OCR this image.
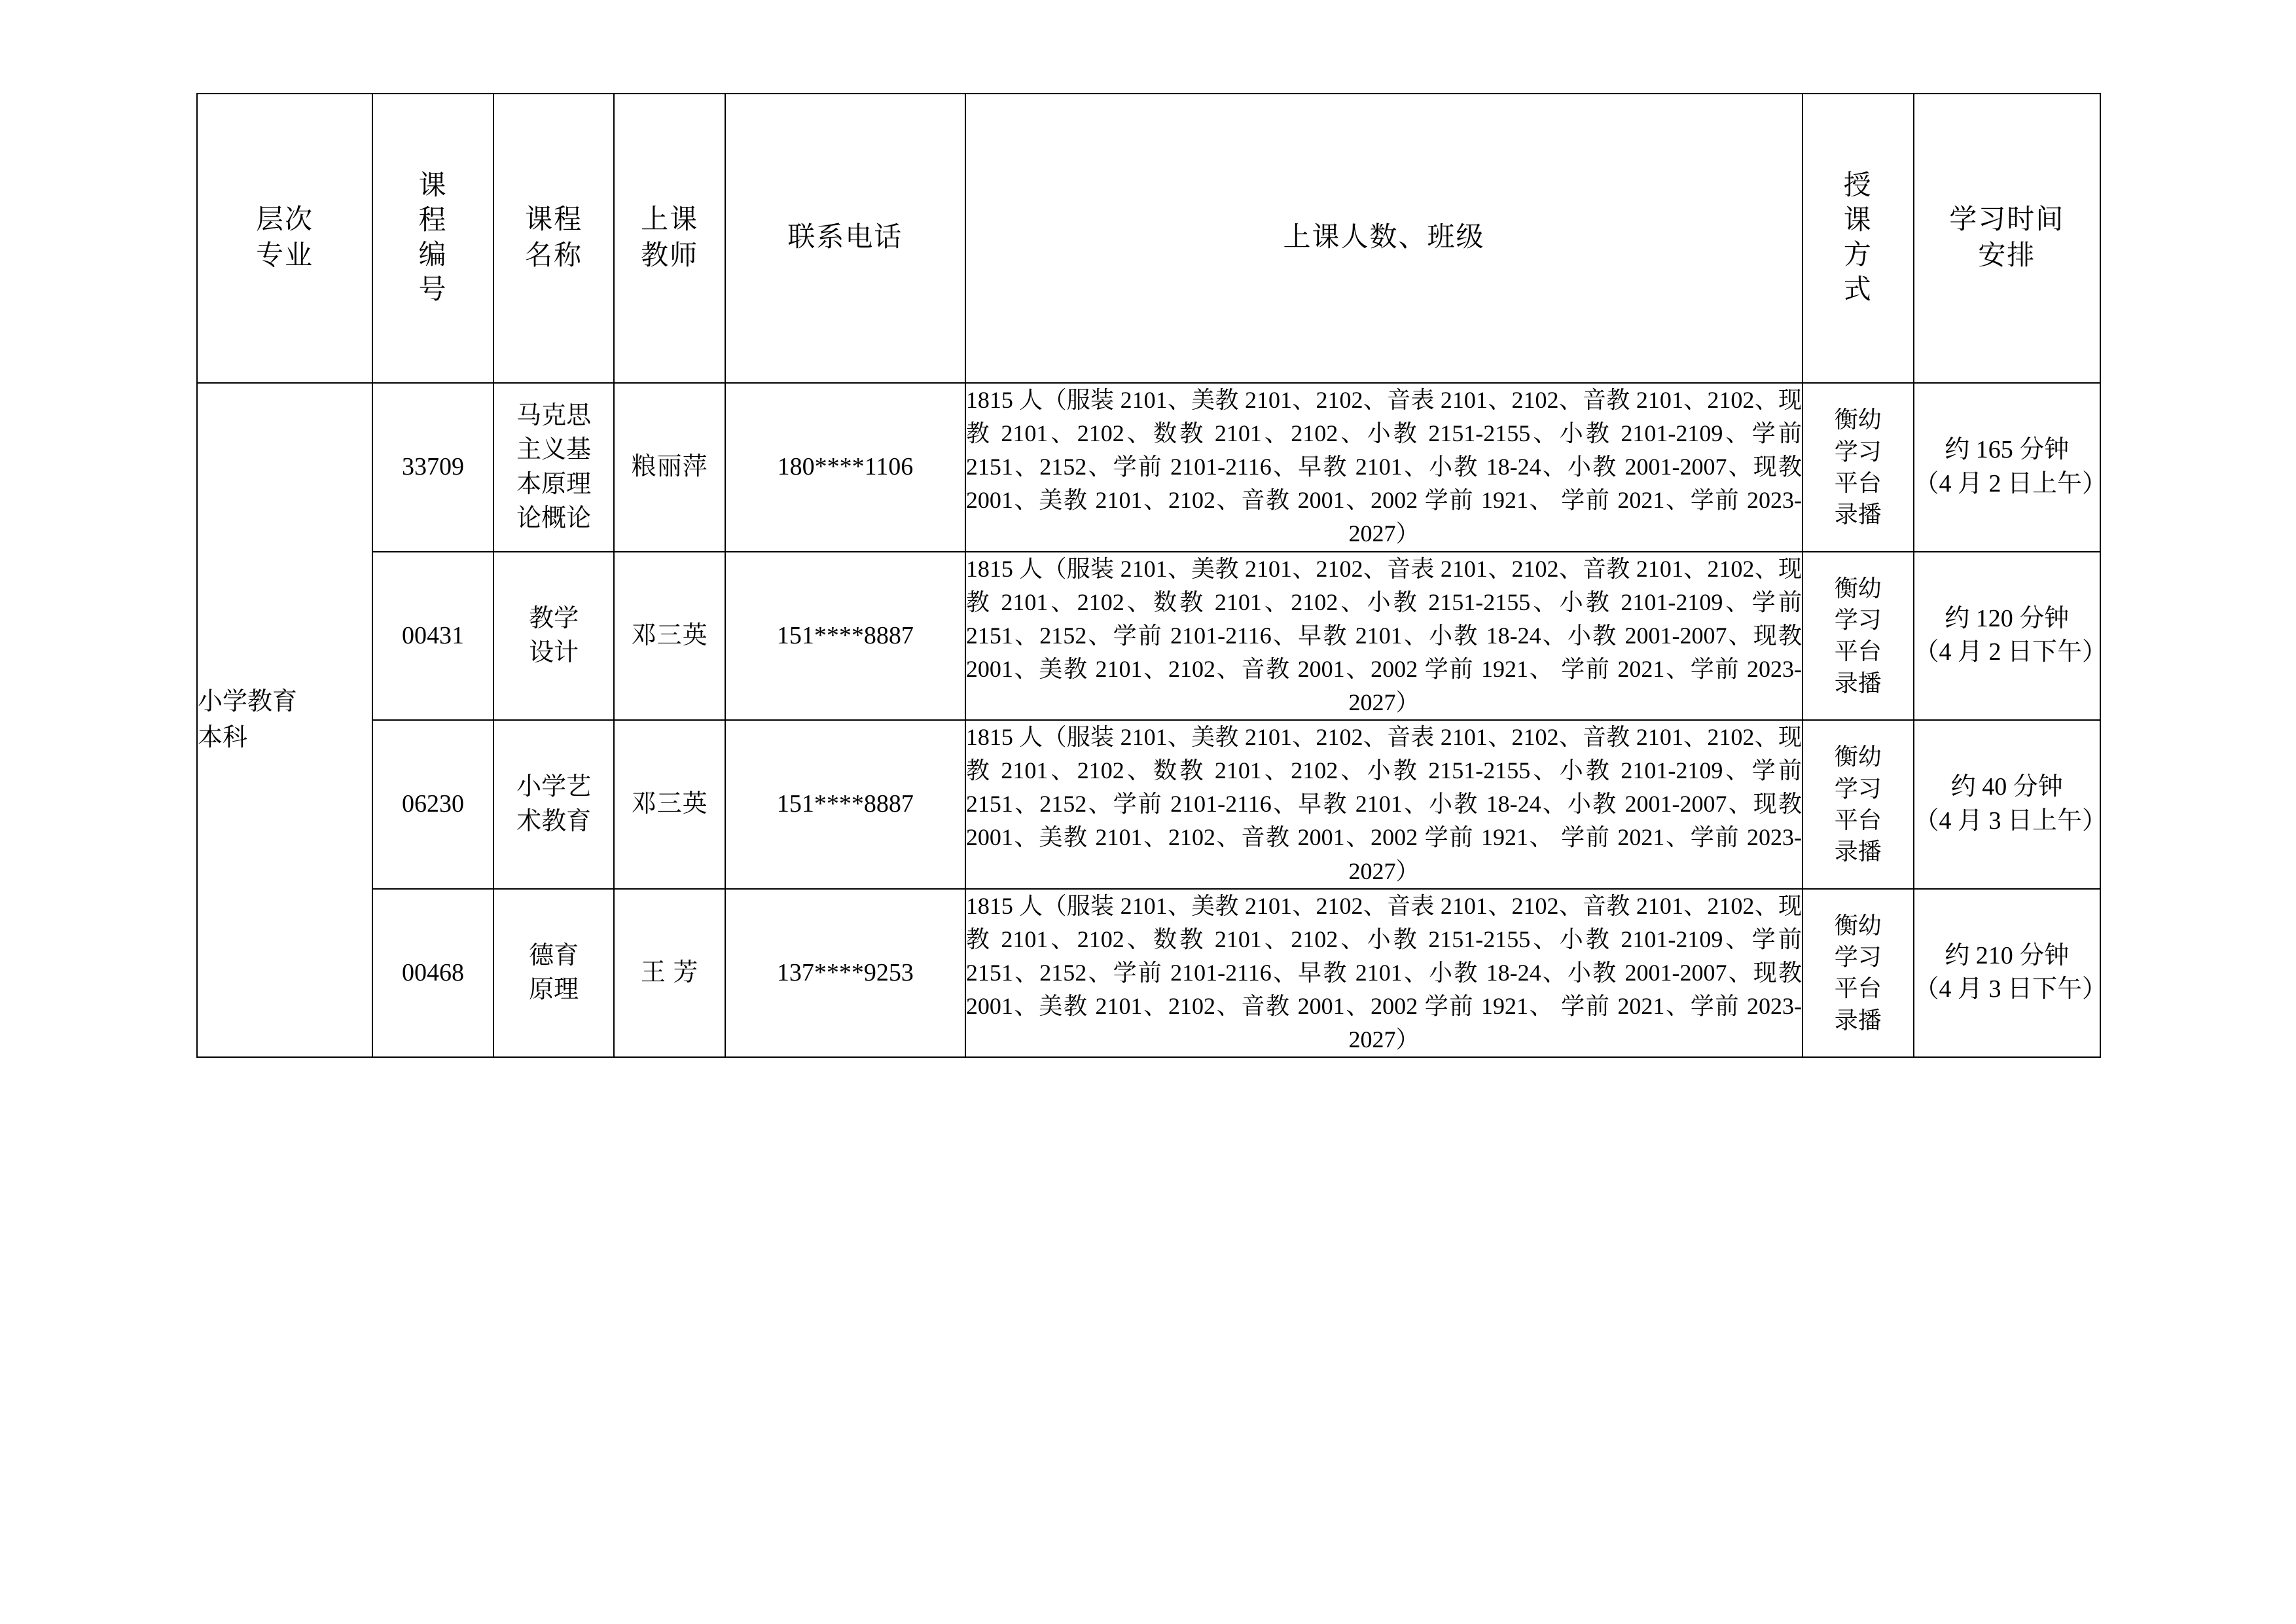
层次
专业	课
程
编
号	课程
名称	上课
教师	联系电话	上课人数、班级	授
课
方
式	学习时间
安排
小学教育
本科	33709	马克思
主义基
本原理
论概论	粮丽萍	180****1106	1815 人（服装 2101、美教 2101、2102、音表 2101、2102、音教 2101、2102、现教 2101、2102、数教 2101、2102、小教 2151-2155、小教 2101-2109、学前 2151、2152、学前 2101-2116、早教 2101、小教 18-24、小教 2001-2007、现教 2001、美教 2101、2102、音教 2001、2002 学前 1921、 学前 2021、学前 2023-2027）	衡幼
学习
平台
录播	约 165 分钟
（4 月 2 日上午）
00431	教学
设计	邓三英	151****8887	1815 人（服装 2101、美教 2101、2102、音表 2101、2102、音教 2101、2102、现教 2101、2102、数教 2101、2102、小教 2151-2155、小教 2101-2109、学前 2151、2152、学前 2101-2116、早教 2101、小教 18-24、小教 2001-2007、现教 2001、美教 2101、2102、音教 2001、2002 学前 1921、 学前 2021、学前 2023-2027）	衡幼
学习
平台
录播	约 120 分钟
（4 月 2 日下午）
06230	小学艺
术教育	邓三英	151****8887	1815 人（服装 2101、美教 2101、2102、音表 2101、2102、音教 2101、2102、现教 2101、2102、数教 2101、2102、小教 2151-2155、小教 2101-2109、学前 2151、2152、学前 2101-2116、早教 2101、小教 18-24、小教 2001-2007、现教 2001、美教 2101、2102、音教 2001、2002 学前 1921、 学前 2021、学前 2023-2027）	衡幼
学习
平台
录播	约 40 分钟
（4 月 3 日上午）
00468	德育
原理	王 芳	137****9253	1815 人（服装 2101、美教 2101、2102、音表 2101、2102、音教 2101、2102、现教 2101、2102、数教 2101、2102、小教 2151-2155、小教 2101-2109、学前 2151、2152、学前 2101-2116、早教 2101、小教 18-24、小教 2001-2007、现教 2001、美教 2101、2102、音教 2001、2002 学前 1921、 学前 2021、学前 2023-2027）	衡幼
学习
平台
录播	约 210 分钟
（4 月 3 日下午）
